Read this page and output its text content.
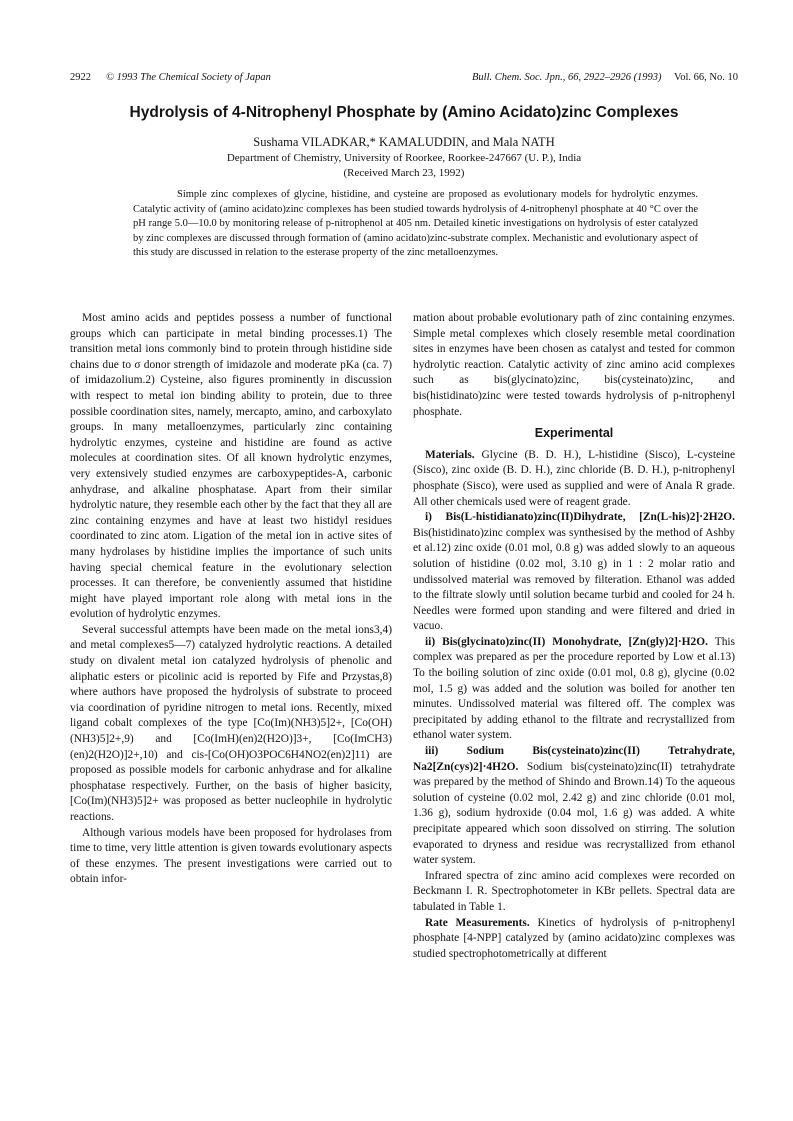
2922 © 1993 The Chemical Society of Japan	Bull. Chem. Soc. Jpn., 66, 2922–2926 (1993) Vol. 66, No. 10
Hydrolysis of 4-Nitrophenyl Phosphate by (Amino Acidato)zinc Complexes
Sushama VILADKAR,* KAMALUDDIN, and Mala NATH
Department of Chemistry, University of Roorkee, Roorkee-247667 (U. P.), India
(Received March 23, 1992)
Simple zinc complexes of glycine, histidine, and cysteine are proposed as evolutionary models for hydrolytic enzymes. Catalytic activity of (amino acidato)zinc complexes has been studied towards hydrolysis of 4-nitrophenyl phosphate at 40 °C over the pH range 5.0—10.0 by monitoring release of p-nitrophenol at 405 nm. Detailed kinetic investigations on hydrolysis of ester catalyzed by zinc complexes are discussed through formation of (amino acidato)zinc-substrate complex. Mechanistic and evolutionary aspect of this study are discussed in relation to the esterase property of the zinc metalloenzymes.

Most amino acids and peptides possess a number of functional groups which can participate in metal binding processes.1) The transition metal ions commonly bind to protein through histidine side chains due to σ donor strength of imidazole and moderate pKa (ca. 7) of imidazolium.2) Cysteine, also figures prominently in discussion with respect to metal ion binding ability to protein, due to three possible coordination sites, namely, mercapto, amino, and carboxylato groups. In many metalloenzymes, particularly zinc containing hydrolytic enzymes, cysteine and histidine are found as active molecules at coordination sites. Of all known hydrolytic enzymes, very extensively studied enzymes are carboxypeptides-A, carbonic anhydrase, and alkaline phosphatase. Apart from their similar hydrolytic nature, they resemble each other by the fact that they all are zinc containing enzymes and have at least two histidyl residues coordinated to zinc atom. Ligation of the metal ion in active sites of many hydrolases by histidine implies the importance of such units having special chemical feature in the evolutionary selection processes. It can therefore, be conveniently assumed that histidine might have played important role along with metal ions in the evolution of hydrolytic enzymes.

Several successful attempts have been made on the metal ions3,4) and metal complexes5—7) catalyzed hydrolytic reactions. A detailed study on divalent metal ion catalyzed hydrolysis of phenolic and aliphatic esters or picolinic acid is reported by Fife and Przystas,8) where authors have proposed the hydrolysis of substrate to proceed via coordination of pyridine nitrogen to metal ions. Recently, mixed ligand cobalt complexes of the type [Co(Im)(NH3)5]2+, [Co(OH)(NH3)5]2+,9) and [Co(ImH)(en)2(H2O)]3+, [Co(ImCH3)(en)2(H2O)]2+,10) and cis-[Co(OH)O3POC6H4NO2(en)2]11) are proposed as possible models for carbonic anhydrase and for alkaline phosphatase respectively. Further, on the basis of higher basicity, [Co(Im)(NH3)5]2+ was proposed as better nucleophile in hydrolytic reactions.

Although various models have been proposed for hydrolases from time to time, very little attention is given towards evolutionary aspects of these enzymes. The present investigations were carried out to obtain infor-

mation about probable evolutionary path of zinc containing enzymes. Simple metal complexes which closely resemble metal coordination sites in enzymes have been chosen as catalyst and tested for common hydrolytic reaction. Catalytic activity of zinc amino acid complexes such as bis(glycinato)zinc, bis(cysteinato)zinc, and bis(histidinato)zinc were tested towards hydrolysis of p-nitrophenyl phosphate.

Experimental

Materials. Glycine (B. D. H.), L-histidine (Sisco), L-cysteine (Sisco), zinc oxide (B. D. H.), zinc chloride (B. D. H.), p-nitrophenyl phosphate (Sisco), were used as supplied and were of Anala R grade. All other chemicals used were of reagent grade.

i) Bis(L-histidianato)zinc(II)Dihydrate, [Zn(L-his)2]·2H2O. Bis(histidinato)zinc complex was synthesised by the method of Ashby et al.12) zinc oxide (0.01 mol, 0.8 g) was added slowly to an aqueous solution of histidine (0.02 mol, 3.10 g) in 1 : 2 molar ratio and undissolved material was removed by filteration. Ethanol was added to the filtrate slowly until solution became turbid and cooled for 24 h. Needles were formed upon standing and were filtered and dried in vacuo.

ii) Bis(glycinato)zinc(II) Monohydrate, [Zn(gly)2]·H2O. This complex was prepared as per the procedure reported by Low et al.13) To the boiling solution of zinc oxide (0.01 mol, 0.8 g), glycine (0.02 mol, 1.5 g) was added and the solution was boiled for another ten minutes. Undissolved material was filtered off. The complex was precipitated by adding ethanol to the filtrate and recrystallized from ethanol water system.

iii) Sodium Bis(cysteinato)zinc(II) Tetrahydrate, Na2[Zn(cys)2]·4H2O. Sodium bis(cysteinato)zinc(II) tetrahydrate was prepared by the method of Shindo and Brown.14) To the aqueous solution of cysteine (0.02 mol, 2.42 g) and zinc chloride (0.01 mol, 1.36 g), sodium hydroxide (0.04 mol, 1.6 g) was added. A white precipitate appeared which soon dissolved on stirring. The solution evaporated to dryness and residue was recrystallized from ethanol water system.

Infrared spectra of zinc amino acid complexes were recorded on Beckmann I. R. Spectrophotometer in KBr pellets. Spectral data are tabulated in Table 1.

Rate Measurements. Kinetics of hydrolysis of p-nitrophenyl phosphate [4-NPP] catalyzed by (amino acidato)zinc complexes was studied spectrophotometrically at different
